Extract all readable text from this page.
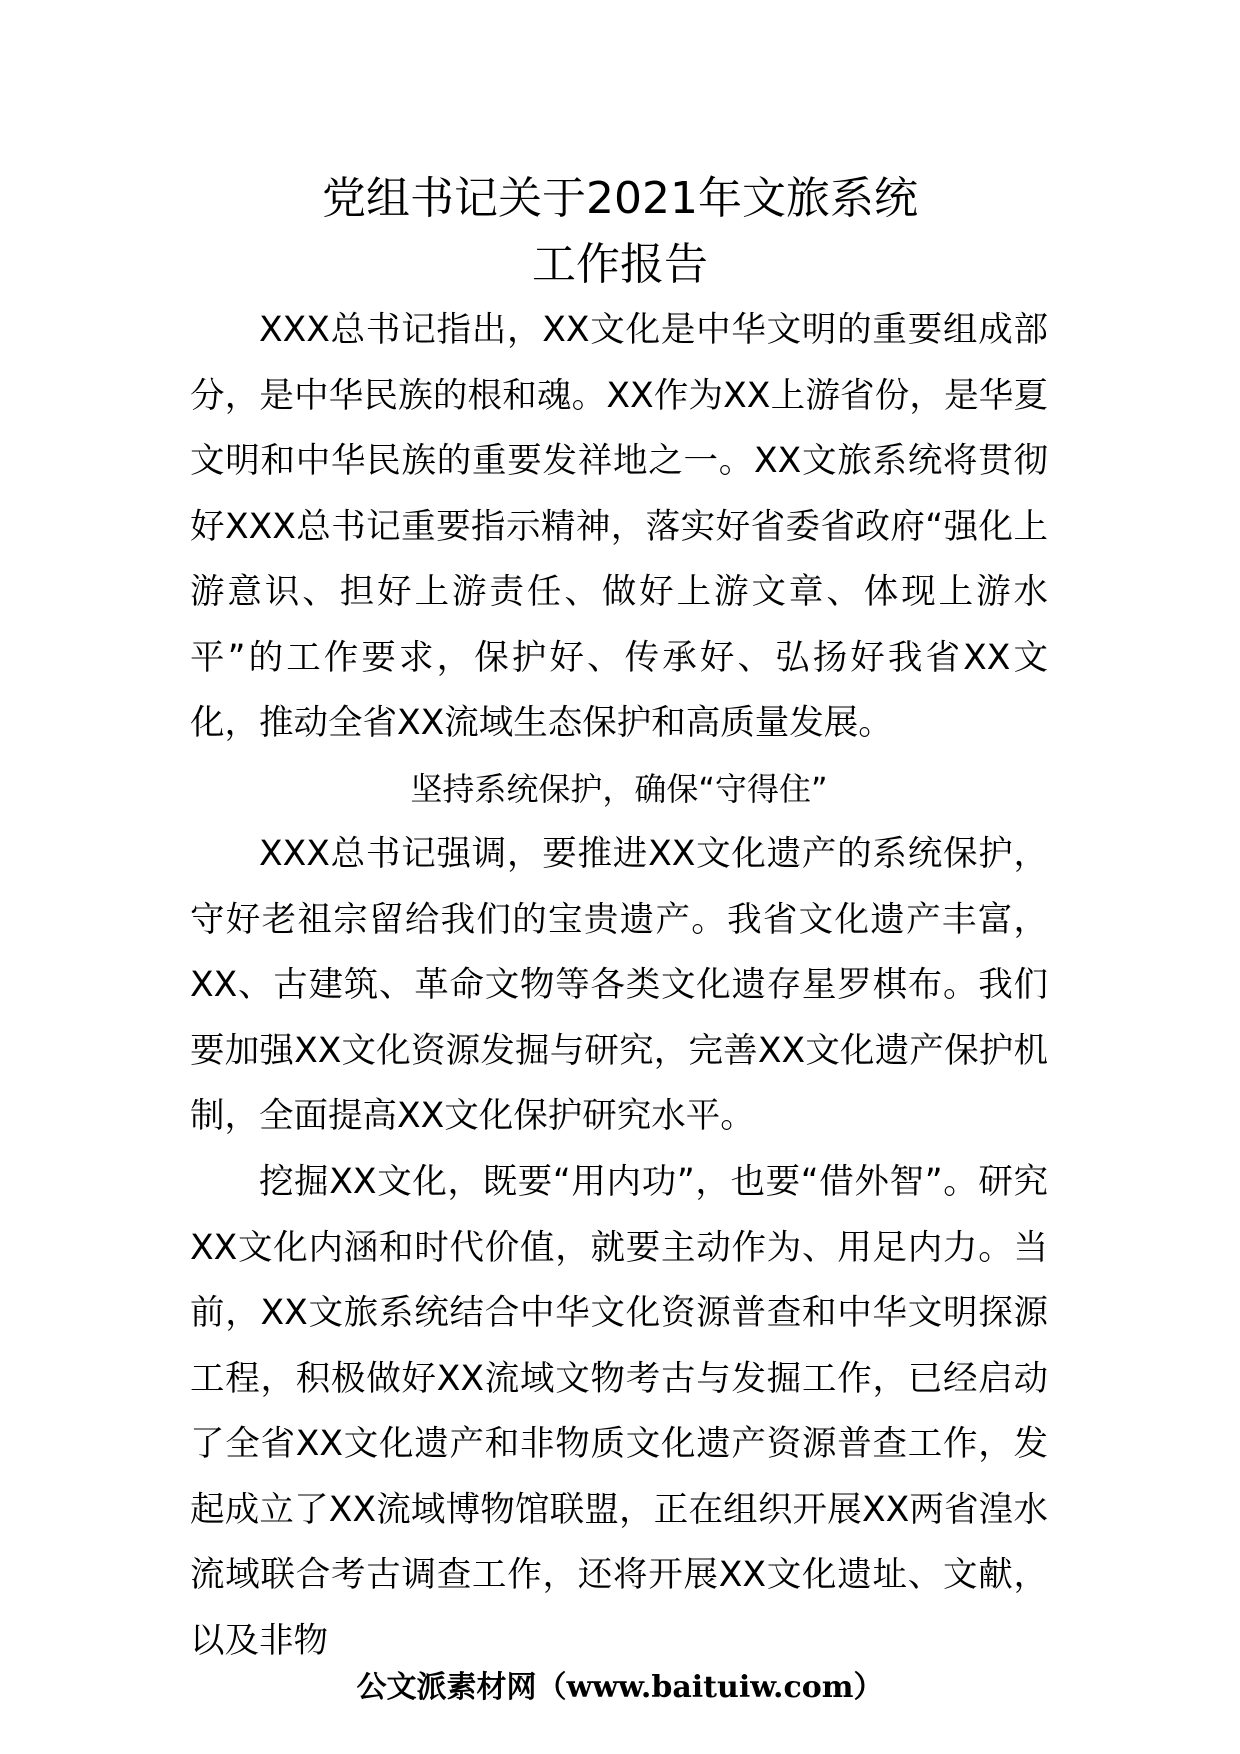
党组书记关于2021年文旅系统
工作报告

XXX总书记指出，XX文化是中华文明的重要组成部分，是中华民族的根和魂。XX作为XX上游省份，是华夏文明和中华民族的重要发祥地之一。XX文旅系统将贯彻好XXX总书记重要指示精神，落实好省委省政府“强化上游意识、担好上游责任、做好上游文章、体现上游水平”的工作要求，保护好、传承好、弘扬好我省XX文化，推动全省XX流域生态保护和高质量发展。

坚持系统保护，确保“守得住”

XXX总书记强调，要推进XX文化遗产的系统保护，守好老祖宗留给我们的宝贵遗产。我省文化遗产丰富，XX、古建筑、革命文物等各类文化遗存星罗棋布。我们要加强XX文化资源发掘与研究，完善XX文化遗产保护机制，全面提高XX文化保护研究水平。

挖掘XX文化，既要“用内功”，也要“借外智”。研究XX文化内涵和时代价值，就要主动作为、用足内力。当前，XX文旅系统结合中华文化资源普查和中华文明探源工程，积极做好XX流域文物考古与发掘工作，已经启动了全省XX文化遗产和非物质文化遗产资源普查工作，发起成立了XX流域博物馆联盟，正在组织开展XX两省湟水流域联合考古调查工作，还将开展XX文化遗址、文献，以及非物

公文派素材网（www.baituiw.com）
